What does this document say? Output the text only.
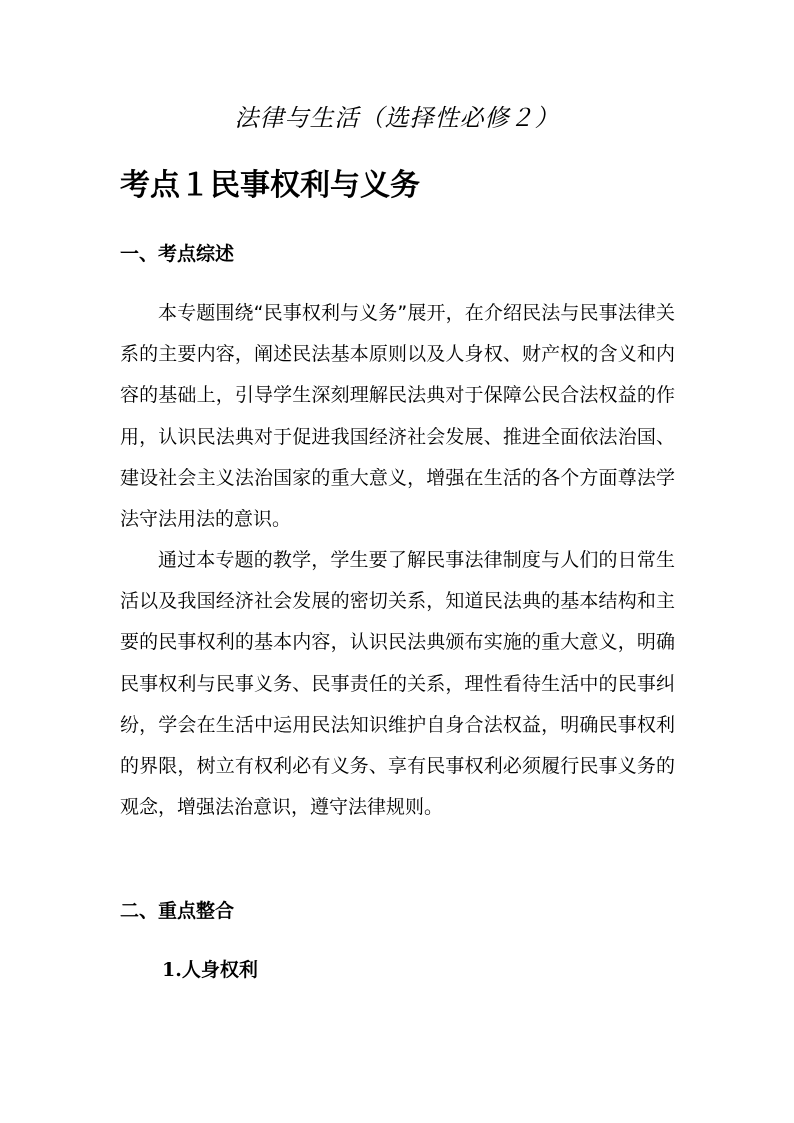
法律与生活（选择性必修２）
考点１民事权利与义务
一、考点综述

本专题围绕“民事权利与义务”展开，在介绍民法与民事法律关系的主要内容，阐述民法基本原则以及人身权、财产权的含义和内容的基础上，引导学生深刻理解民法典对于保障公民合法权益的作用，认识民法典对于促进我国经济社会发展、推进全面依法治国、建设社会主义法治国家的重大意义，增强在生活的各个方面尊法学法守法用法的意识。

通过本专题的教学，学生要了解民事法律制度与人们的日常生活以及我国经济社会发展的密切关系，知道民法典的基本结构和主要的民事权利的基本内容，认识民法典颁布实施的重大意义，明确民事权利与民事义务、民事责任的关系，理性看待生活中的民事纠纷，学会在生活中运用民法知识维护自身合法权益，明确民事权利的界限，树立有权利必有义务、享有民事权利必须履行民事义务的观念，增强法治意识，遵守法律规则。

二、重点整合
1.人身权利
